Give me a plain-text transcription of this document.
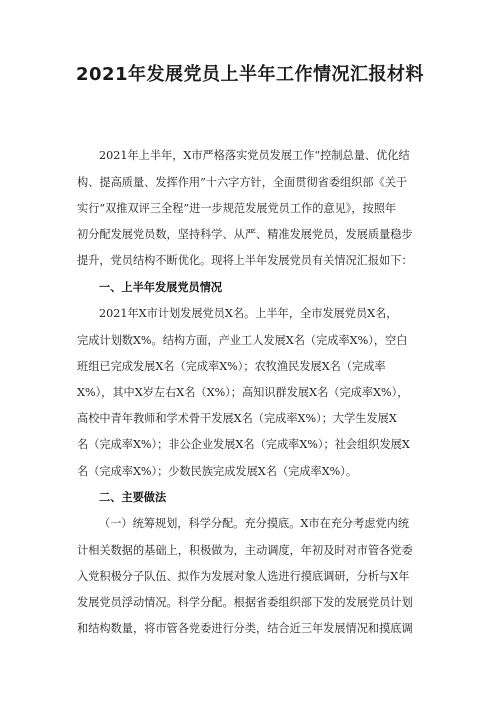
2021年发展党员上半年工作情况汇报材料
2021年上半年，X市严格落实党员发展工作“控制总量、优化结
构、提高质量、发挥作用”十六字方针，全面贯彻省委组织部《关于
实行“双推双评三全程”进一步规范发展党员工作的意见》，按照年
初分配发展党员数，坚持科学、从严、精准发展党员，发展质量稳步
提升，党员结构不断优化。现将上半年发展党员有关情况汇报如下：
一、上半年发展党员情况
2021年X市计划发展党员X名。上半年，全市发展党员X名，
完成计划数X%。结构方面，产业工人发展X名（完成率X%），空白
班组已完成发展X名（完成率X%）；农牧渔民发展X名（完成率
X%），其中X岁左右X名（X%）；高知识群发展X名（完成率X%），
高校中青年教师和学术骨干发展X名（完成率X%）；大学生发展X
名（完成率X%）；非公企业发展X名（完成率X%）；社会组织发展X
名（完成率X%）；少数民族完成发展X名（完成率X%）。
二、主要做法
（一）统筹规划，科学分配。充分摸底。X市在充分考虑党内统
计相关数据的基础上，积极做为，主动调度，年初及时对市管各党委
入党积极分子队伍、拟作为发展对象人选进行摸底调研，分析与X年
发展党员浮动情况。科学分配。根据省委组织部下发的发展党员计划
和结构数量，将市管各党委进行分类，结合近三年发展情况和摸底调
